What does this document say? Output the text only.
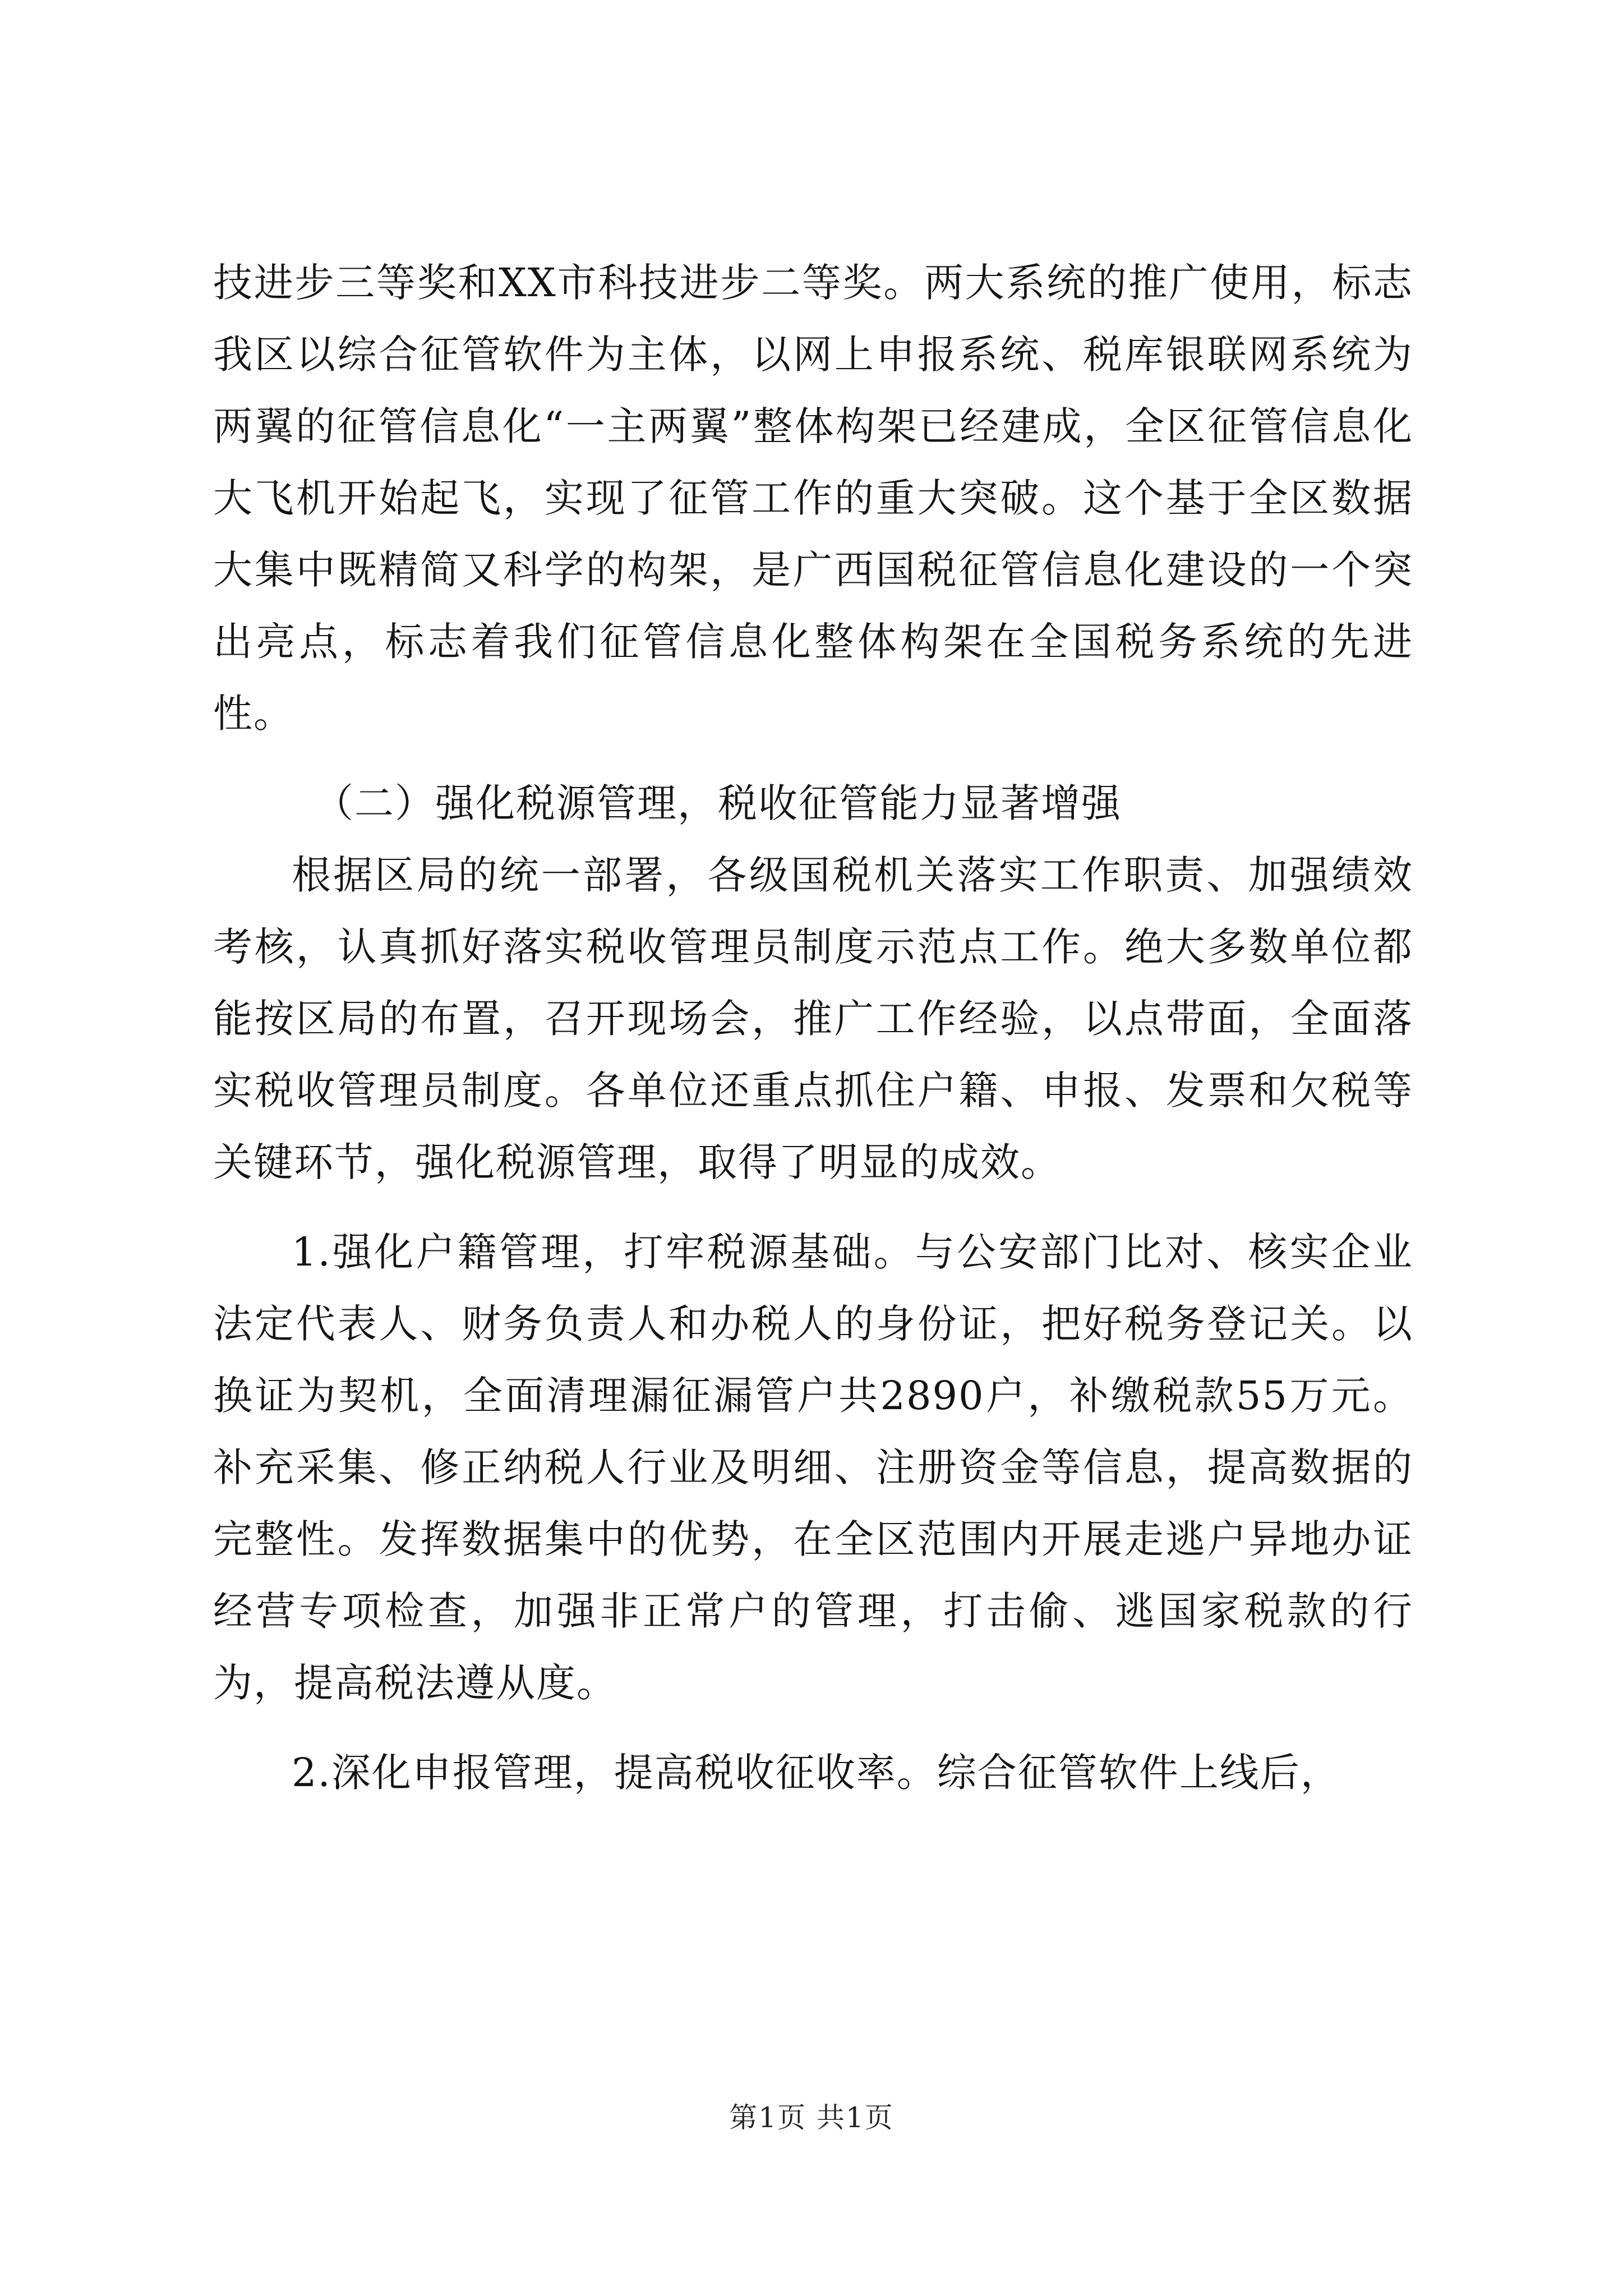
技进步三等奖和XX市科技进步二等奖。两大系统的推广使用，标志我区以综合征管软件为主体，以网上申报系统、税库银联网系统为两翼的征管信息化“一主两翼”整体构架已经建成，全区征管信息化大飞机开始起飞，实现了征管工作的重大突破。这个基于全区数据大集中既精简又科学的构架，是广西国税征管信息化建设的一个突出亮点，标志着我们征管信息化整体构架在全国税务系统的先进性。

（二）强化税源管理，税收征管能力显著增强

根据区局的统一部署，各级国税机关落实工作职责、加强绩效考核，认真抓好落实税收管理员制度示范点工作。绝大多数单位都能按区局的布置，召开现场会，推广工作经验，以点带面，全面落实税收管理员制度。各单位还重点抓住户籍、申报、发票和欠税等关键环节，强化税源管理，取得了明显的成效。

1.强化户籍管理，打牢税源基础。与公安部门比对、核实企业法定代表人、财务负责人和办税人的身份证，把好税务登记关。以换证为契机，全面清理漏征漏管户共2890户，补缴税款55万元。补充采集、修正纳税人行业及明细、注册资金等信息，提高数据的完整性。发挥数据集中的优势，在全区范围内开展走逃户异地办证经营专项检查，加强非正常户的管理，打击偷、逃国家税款的行为，提高税法遵从度。

2.深化申报管理，提高税收征收率。综合征管软件上线后，

第1页 共1页
